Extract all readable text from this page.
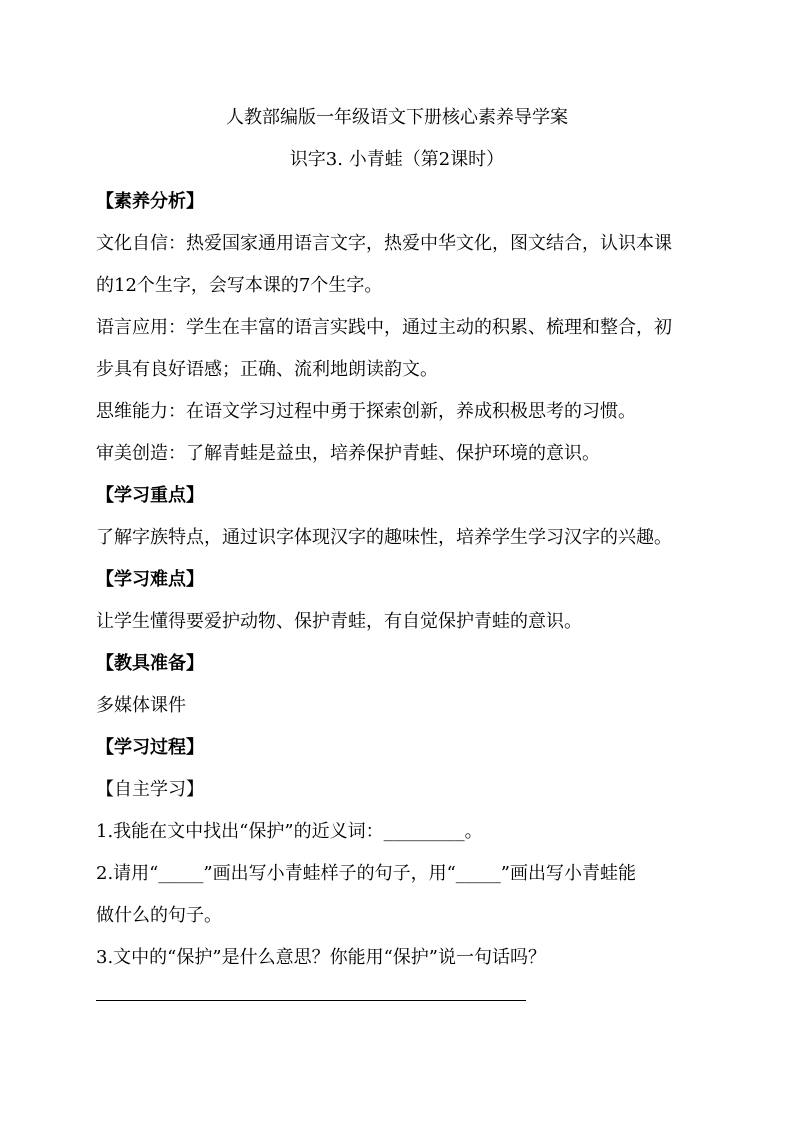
人教部编版一年级语文下册核心素养导学案
识字3. 小青蛙（第2课时）
【素养分析】
文化自信：热爱国家通用语言文字，热爱中华文化，图文结合，认识本课
的12个生字，会写本课的7个生字。
语言应用：学生在丰富的语言实践中，通过主动的积累、梳理和整合，初
步具有良好语感；正确、流利地朗读韵文。
思维能力：在语文学习过程中勇于探索创新，养成积极思考的习惯。
审美创造：了解青蛙是益虫，培养保护青蛙、保护环境的意识。
【学习重点】
了解字族特点，通过识字体现汉字的趣味性，培养学生学习汉字的兴趣。
【学习难点】
让学生懂得要爱护动物、保护青蛙，有自觉保护青蛙的意识。
【教具准备】
多媒体课件
【学习过程】
【自主学习】
1.我能在文中找出“保护”的近义词：_________。
2.请用“_____”画出写小青蛙样子的句子，用“_____”画出写小青蛙能
做什么的句子。
3.文中的“保护”是什么意思？你能用“保护”说一句话吗？
